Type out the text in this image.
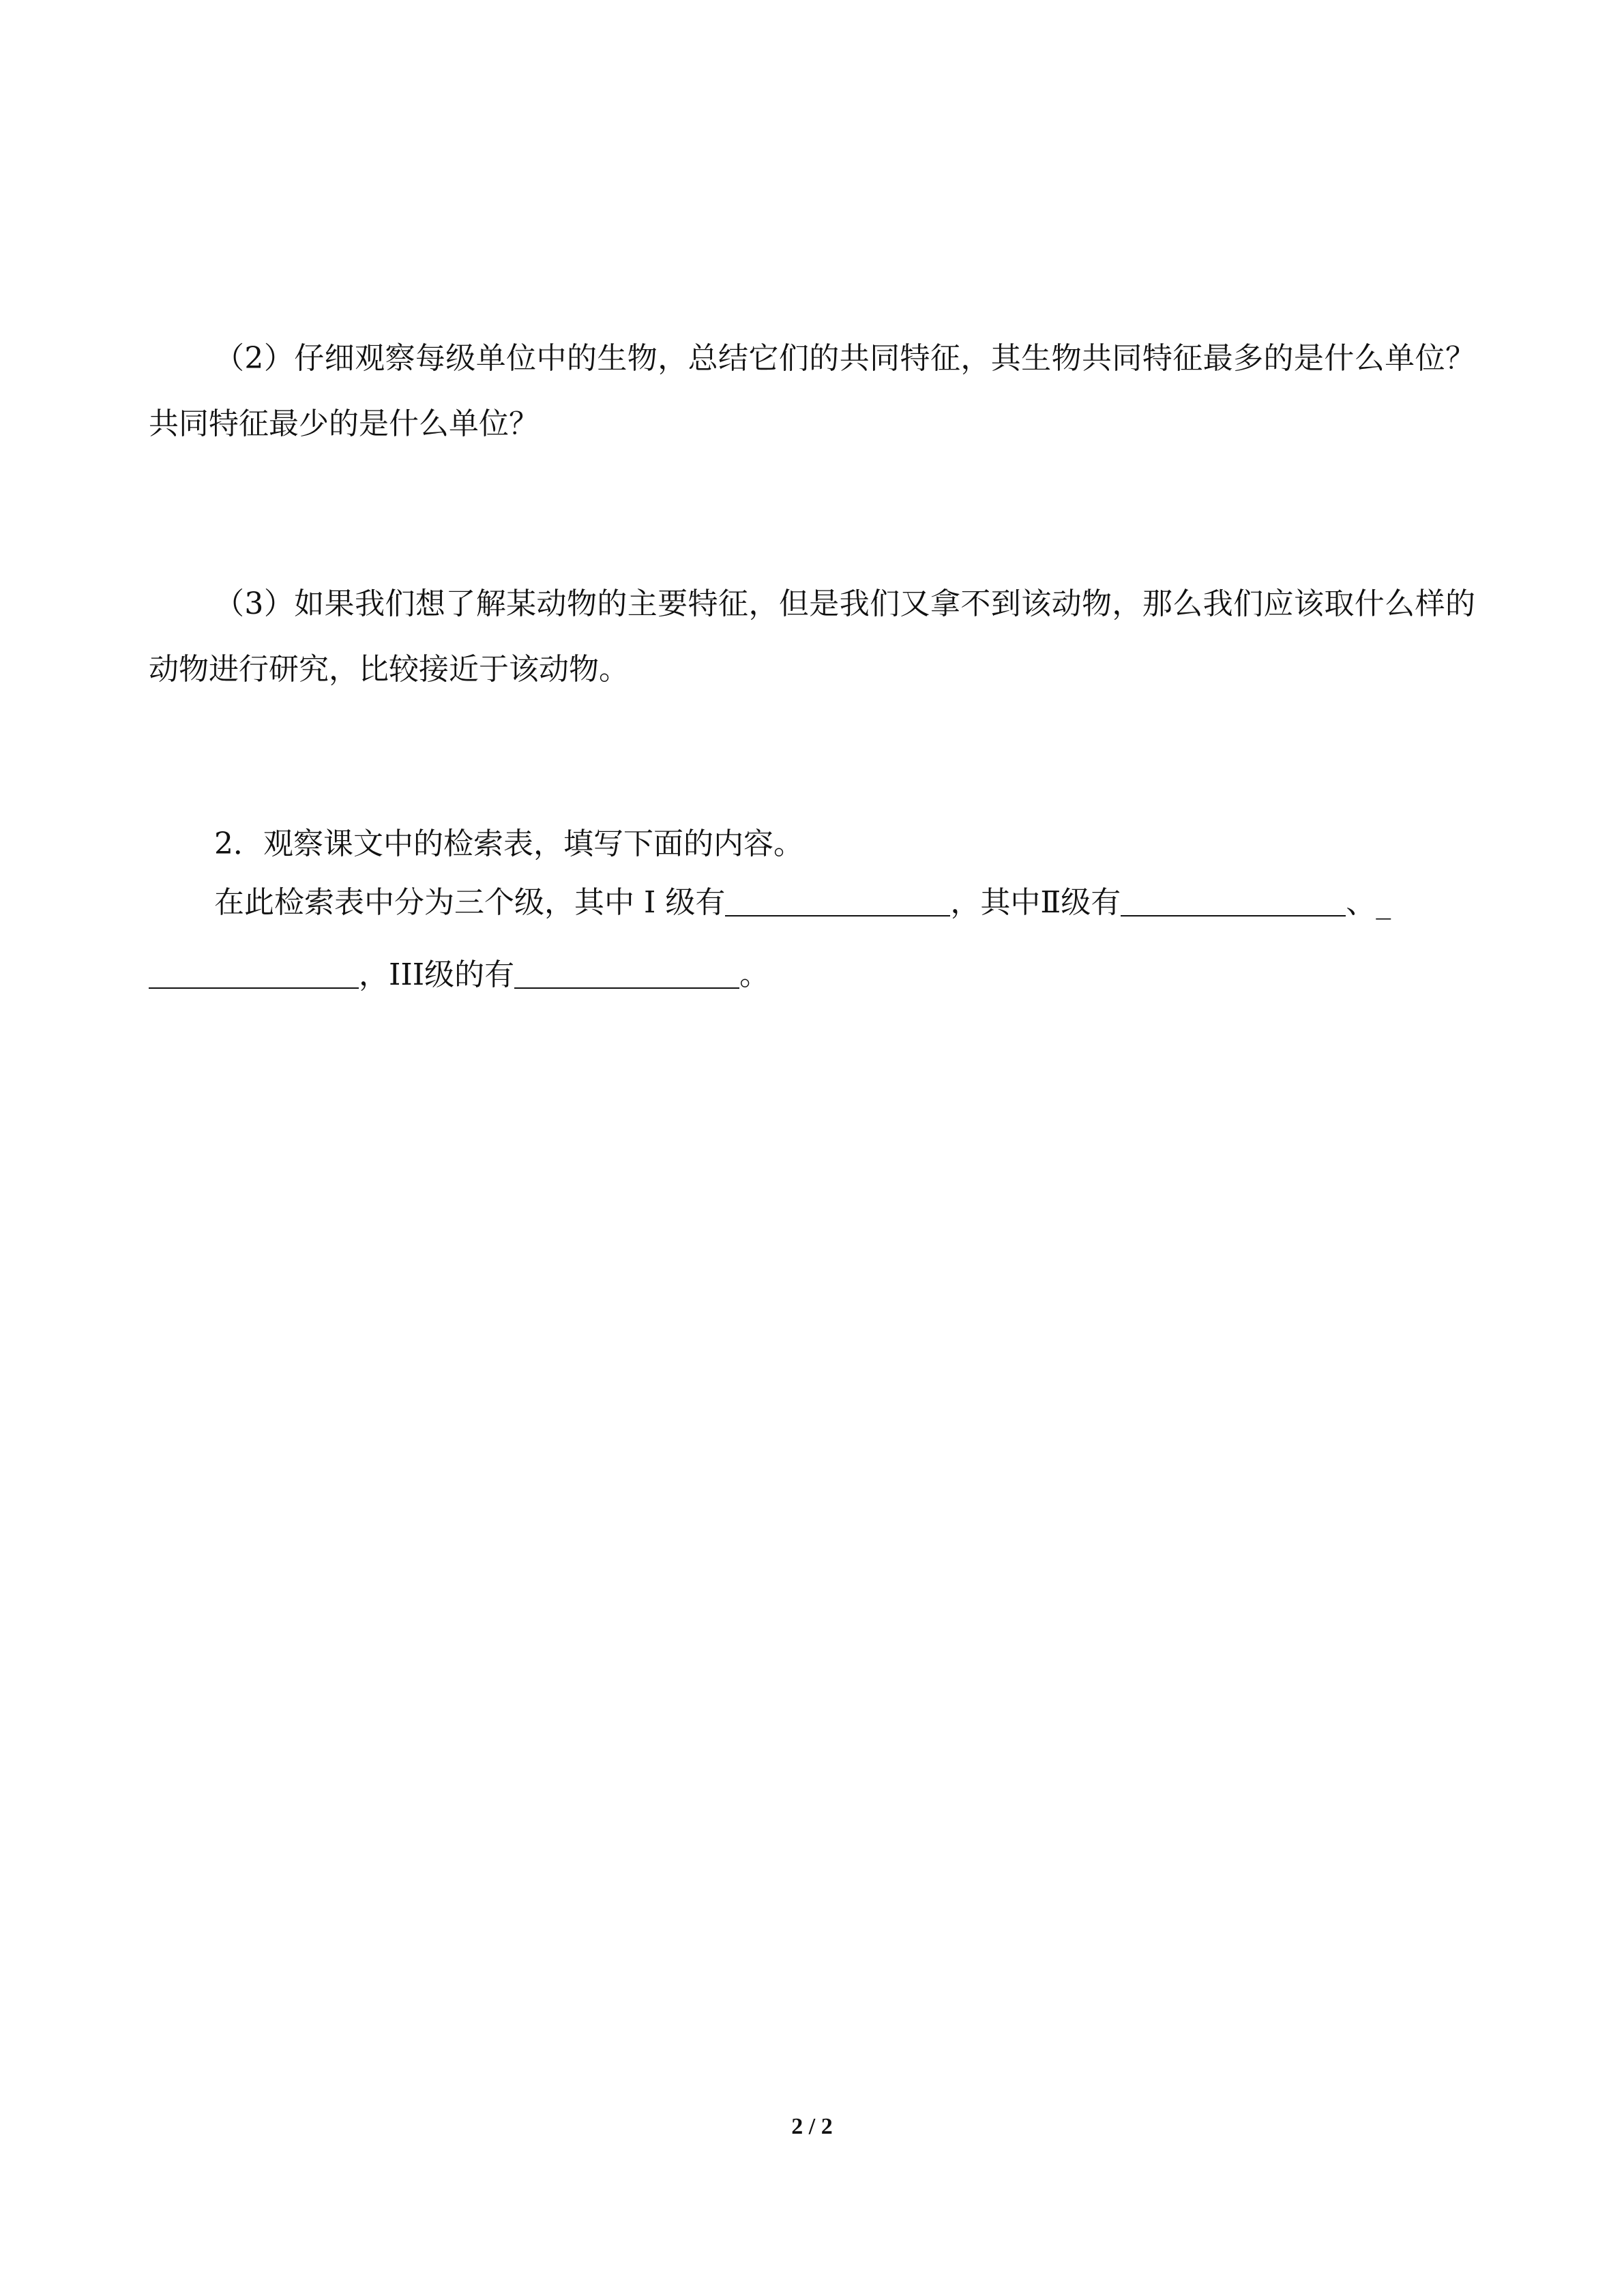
（2）仔细观察每级单位中的生物，总结它们的共同特征，其生物共同特征最多的是什么单位？共同特征最少的是什么单位？

（3）如果我们想了解某动物的主要特征，但是我们又拿不到该动物，那么我们应该取什么样的动物进行研究，比较接近于该动物。

2．观察课文中的检索表，填写下面的内容。

在此检索表中分为三个级，其中 I 级有	，其中Ⅱ级有	、_
，III级的有	。
2 / 2
